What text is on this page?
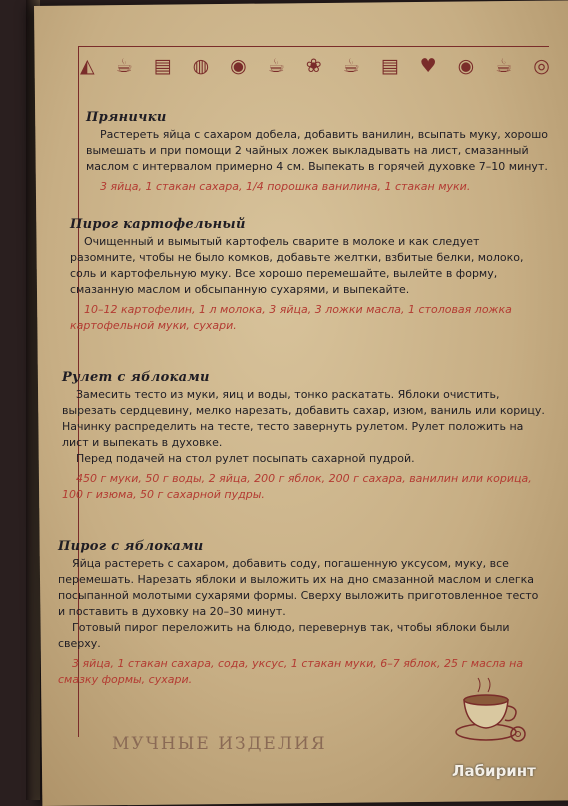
◭ ☕ ▤ ◍ ◉ ☕ ❀ ☕ ▤ ♥ ◉ ☕ ◎

Прянички

Растереть яйца с сахаром добела, добавить ванилин, всыпать муку, хорошо вымешать и при помощи 2 чайных ложек выкладывать на лист, смазанный маслом с интервалом примерно 4 см. Выпекать в горячей духовке 7–10 минут.

3 яйца, 1 стакан сахара, 1/4 порошка ванилина, 1 стакан муки.

Пирог картофельный

Очищенный и вымытый картофель сварите в молоке и как следует разомните, чтобы не было комков, добавьте желтки, взбитые белки, молоко, соль и картофельную муку. Все хорошо перемешайте, вылейте в форму, смазанную маслом и обсыпанную сухарями, и выпекайте.

10–12 картофелин, 1 л молока, 3 яйца, 3 ложки масла, 1 столовая ложка картофельной муки, сухари.

Рулет с яблоками

Замесить тесто из муки, яиц и воды, тонко раскатать. Яблоки очистить, вырезать сердцевину, мелко нарезать, добавить сахар, изюм, ваниль или корицу. Начинку распределить на тесте, тесто завернуть рулетом. Рулет положить на лист и выпекать в духовке.

Перед подачей на стол рулет посыпать сахарной пудрой.

450 г муки, 50 г воды, 2 яйца, 200 г яблок, 200 г сахара, ванилин или корица, 100 г изюма, 50 г сахарной пудры.

Пирог с яблоками

Яйца растереть с сахаром, добавить соду, погашенную уксусом, муку, все перемешать. Нарезать яблоки и выложить их на дно смазанной маслом и слегка посыпанной молотыми сухарями формы. Сверху выложить приготовленное тесто и поставить в духовку на 20–30 минут.

Готовый пирог переложить на блюдо, перевернув так, чтобы яблоки были сверху.

3 яйца, 1 стакан сахара, сода, уксус, 1 стакан муки, 6–7 яблок, 25 г масла на смазку формы, сухари.

МУЧНЫЕ ИЗДЕЛИЯ
Лабиринт
